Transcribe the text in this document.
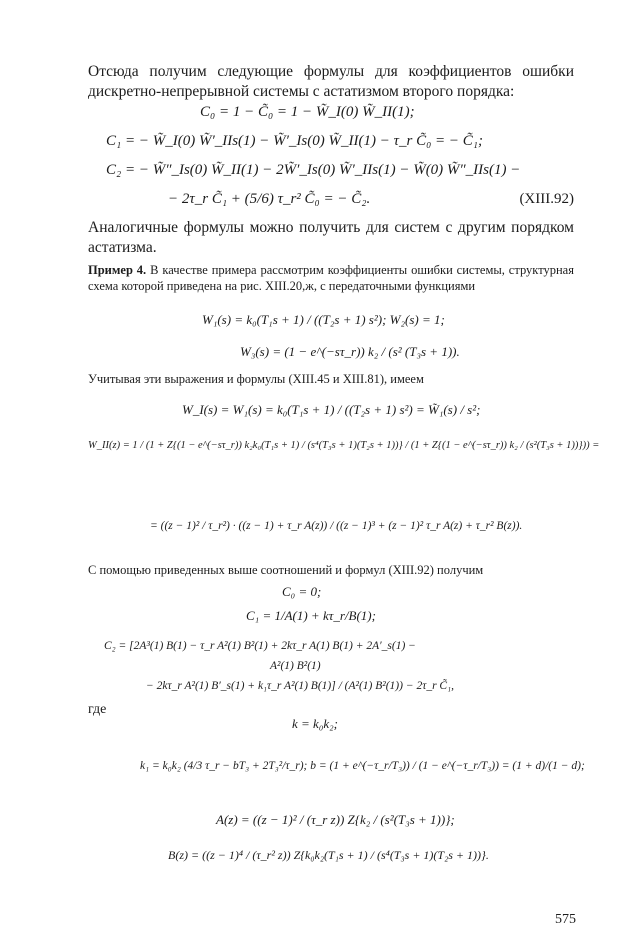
Отсюда получим следующие формулы для коэффициентов ошибки дискретно-непрерывной системы с астатизмом второго порядка:
C₀ = 1 − C̃₀ = 1 − W̃_I(0) W̃_II(1);
C₁ = − W̃_I(0) W̃′_IIs(1) − W̃′_Is(0) W̃_II(1) − τ_r C̃₀ = − C̃₁;
C₂ = − W̃″_Is(0) W̃_II(1) − 2W̃′_Is(0) W̃′_IIs(1) − W̃(0) W̃″_IIs(1) −
− 2τ_r C̃₁ + (5/6) τ_r² C̃₀ = − C̃₂.	(XIII.92)
Аналогичные формулы можно получить для систем с другим порядком астатизма.
Пример 4. В качестве примера рассмотрим коэффициенты ошибки системы, структурная схема которой приведена на рис. XIII.20,ж, с передаточными функциями
W₁(s) = k₀(T₁s + 1) / ((T₂s + 1) s²); W₂(s) = 1;
W₃(s) = (1 − e^(−sτ_r)) k₂ / (s² (T₃s + 1)).
Учитывая эти выражения и формулы (XIII.45 и XIII.81), имеем
W_I(s) = W₁(s) = k₀(T₁s + 1) / ((T₂s + 1) s²) = W̃₁(s) / s²;
W_II(z) = 1 / (1 + Z{(1 − e^(−sτ_r)) k₂k₀(T₁s + 1) / (s⁴(T₃s + 1)(T₂s + 1))} / (1 + Z{(1 − e^(−sτ_r)) k₂ / (s²(T₃s + 1))})) =
= ((z − 1)² / τ_r²) · ((z − 1) + τ_r A(z)) / ((z − 1)³ + (z − 1)² τ_r A(z) + τ_r² B(z)).
С помощью приведенных выше соотношений и формул (XIII.92) получим
C₀ = 0;
C₁ = 1/A(1) + kτ_r/B(1);
C₂ = [2A³(1) B(1) − τ_r A²(1) B²(1) + 2kτ_r A(1) B(1) + 2A′_s(1) −
A²(1) B²(1)
− 2kτ_r A²(1) B′_s(1) + k₁τ_r A²(1) B(1)] / (A²(1) B²(1)) − 2τ_r C̃₁,
где
k = k₀k₂;
k₁ = k₀k₂ (4/3 τ_r − bT₃ + 2T₃²/τ_r); b = (1 + e^(−τ_r/T₃)) / (1 − e^(−τ_r/T₃)) = (1 + d)/(1 − d);
A(z) = ((z − 1)² / (τ_r z)) Z{k₂ / (s²(T₃s + 1))};
B(z) = ((z − 1)⁴ / (τ_r² z)) Z{k₀k₂(T₁s + 1) / (s⁴(T₃s + 1)(T₂s + 1))}.
575
